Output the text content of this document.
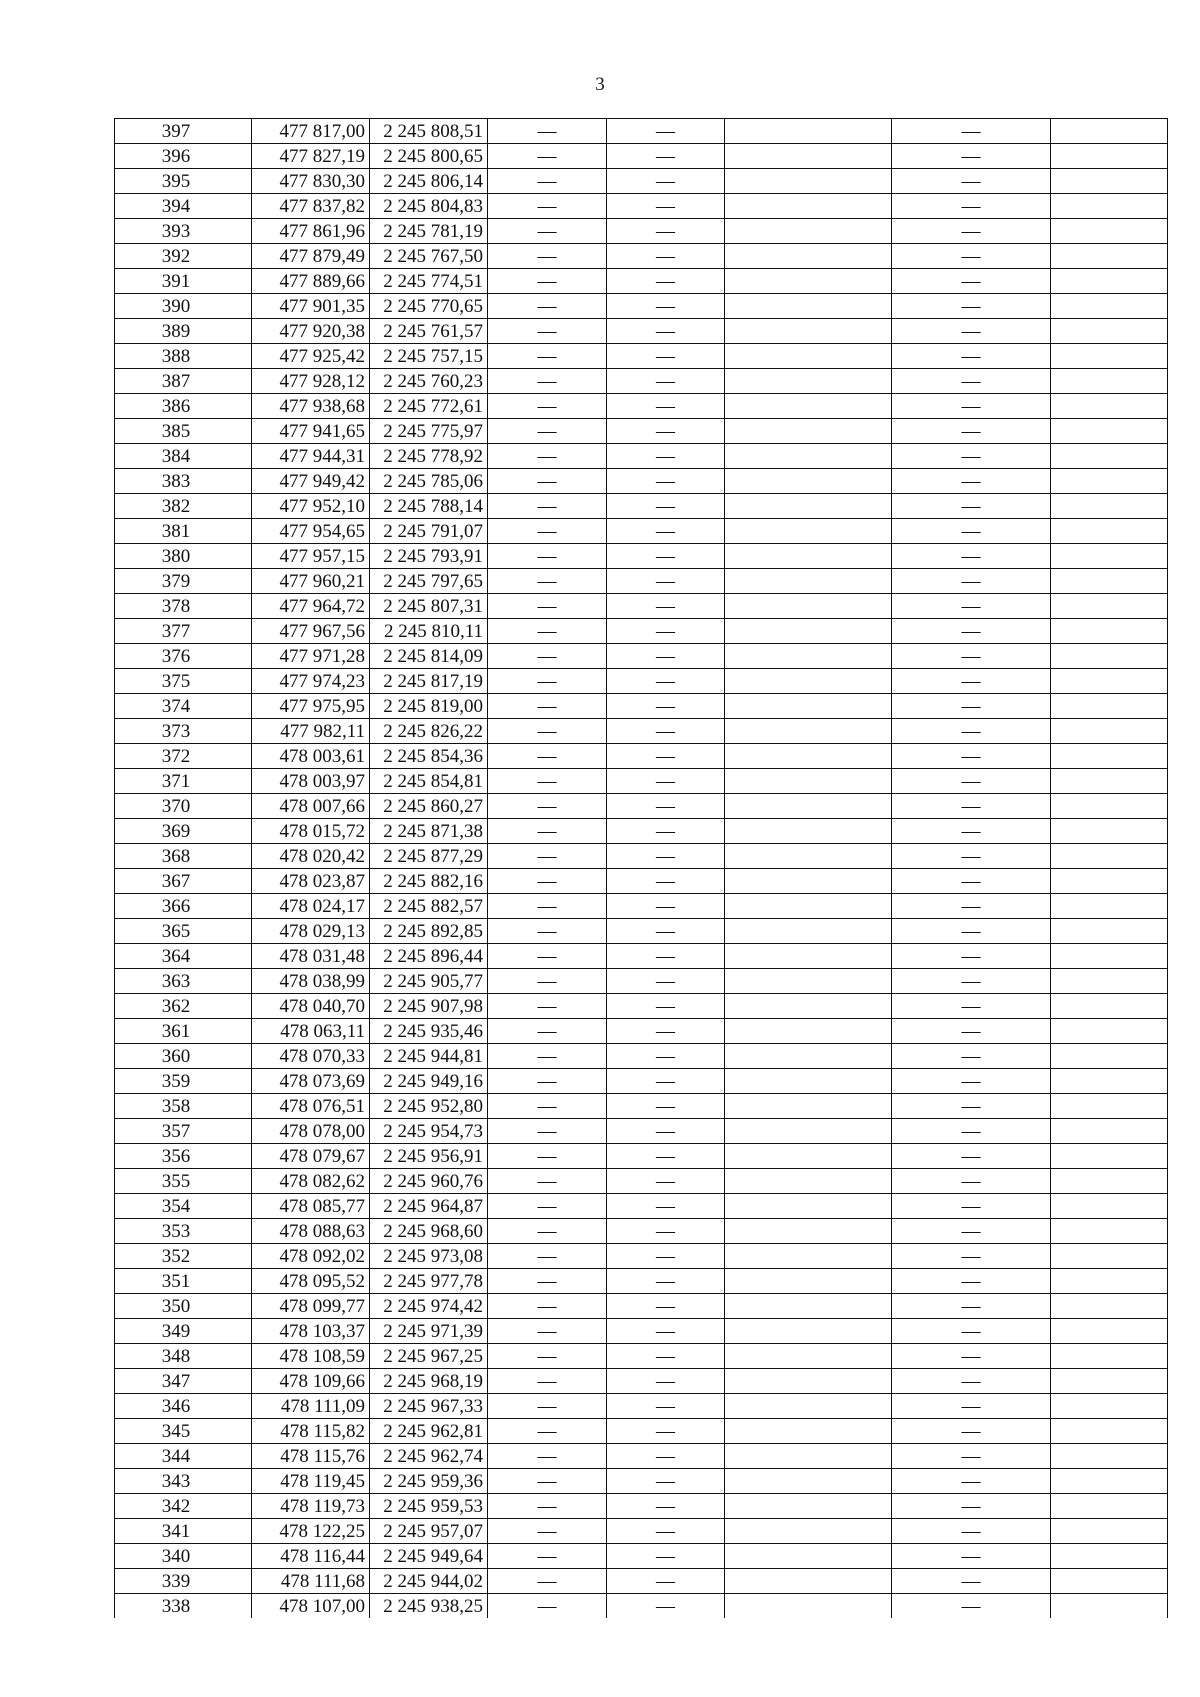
3
397	477 817,00	2 245 808,51	—	—		—	
396	477 827,19	2 245 800,65	—	—		—	
395	477 830,30	2 245 806,14	—	—		—	
394	477 837,82	2 245 804,83	—	—		—	
393	477 861,96	2 245 781,19	—	—		—	
392	477 879,49	2 245 767,50	—	—		—	
391	477 889,66	2 245 774,51	—	—		—	
390	477 901,35	2 245 770,65	—	—		—	
389	477 920,38	2 245 761,57	—	—		—	
388	477 925,42	2 245 757,15	—	—		—	
387	477 928,12	2 245 760,23	—	—		—	
386	477 938,68	2 245 772,61	—	—		—	
385	477 941,65	2 245 775,97	—	—		—	
384	477 944,31	2 245 778,92	—	—		—	
383	477 949,42	2 245 785,06	—	—		—	
382	477 952,10	2 245 788,14	—	—		—	
381	477 954,65	2 245 791,07	—	—		—	
380	477 957,15	2 245 793,91	—	—		—	
379	477 960,21	2 245 797,65	—	—		—	
378	477 964,72	2 245 807,31	—	—		—	
377	477 967,56	2 245 810,11	—	—		—	
376	477 971,28	2 245 814,09	—	—		—	
375	477 974,23	2 245 817,19	—	—		—	
374	477 975,95	2 245 819,00	—	—		—	
373	477 982,11	2 245 826,22	—	—		—	
372	478 003,61	2 245 854,36	—	—		—	
371	478 003,97	2 245 854,81	—	—		—	
370	478 007,66	2 245 860,27	—	—		—	
369	478 015,72	2 245 871,38	—	—		—	
368	478 020,42	2 245 877,29	—	—		—	
367	478 023,87	2 245 882,16	—	—		—	
366	478 024,17	2 245 882,57	—	—		—	
365	478 029,13	2 245 892,85	—	—		—	
364	478 031,48	2 245 896,44	—	—		—	
363	478 038,99	2 245 905,77	—	—		—	
362	478 040,70	2 245 907,98	—	—		—	
361	478 063,11	2 245 935,46	—	—		—	
360	478 070,33	2 245 944,81	—	—		—	
359	478 073,69	2 245 949,16	—	—		—	
358	478 076,51	2 245 952,80	—	—		—	
357	478 078,00	2 245 954,73	—	—		—	
356	478 079,67	2 245 956,91	—	—		—	
355	478 082,62	2 245 960,76	—	—		—	
354	478 085,77	2 245 964,87	—	—		—	
353	478 088,63	2 245 968,60	—	—		—	
352	478 092,02	2 245 973,08	—	—		—	
351	478 095,52	2 245 977,78	—	—		—	
350	478 099,77	2 245 974,42	—	—		—	
349	478 103,37	2 245 971,39	—	—		—	
348	478 108,59	2 245 967,25	—	—		—	
347	478 109,66	2 245 968,19	—	—		—	
346	478 111,09	2 245 967,33	—	—		—	
345	478 115,82	2 245 962,81	—	—		—	
344	478 115,76	2 245 962,74	—	—		—	
343	478 119,45	2 245 959,36	—	—		—	
342	478 119,73	2 245 959,53	—	—		—	
341	478 122,25	2 245 957,07	—	—		—	
340	478 116,44	2 245 949,64	—	—		—	
339	478 111,68	2 245 944,02	—	—		—	
338	478 107,00	2 245 938,25	—	—		—	
